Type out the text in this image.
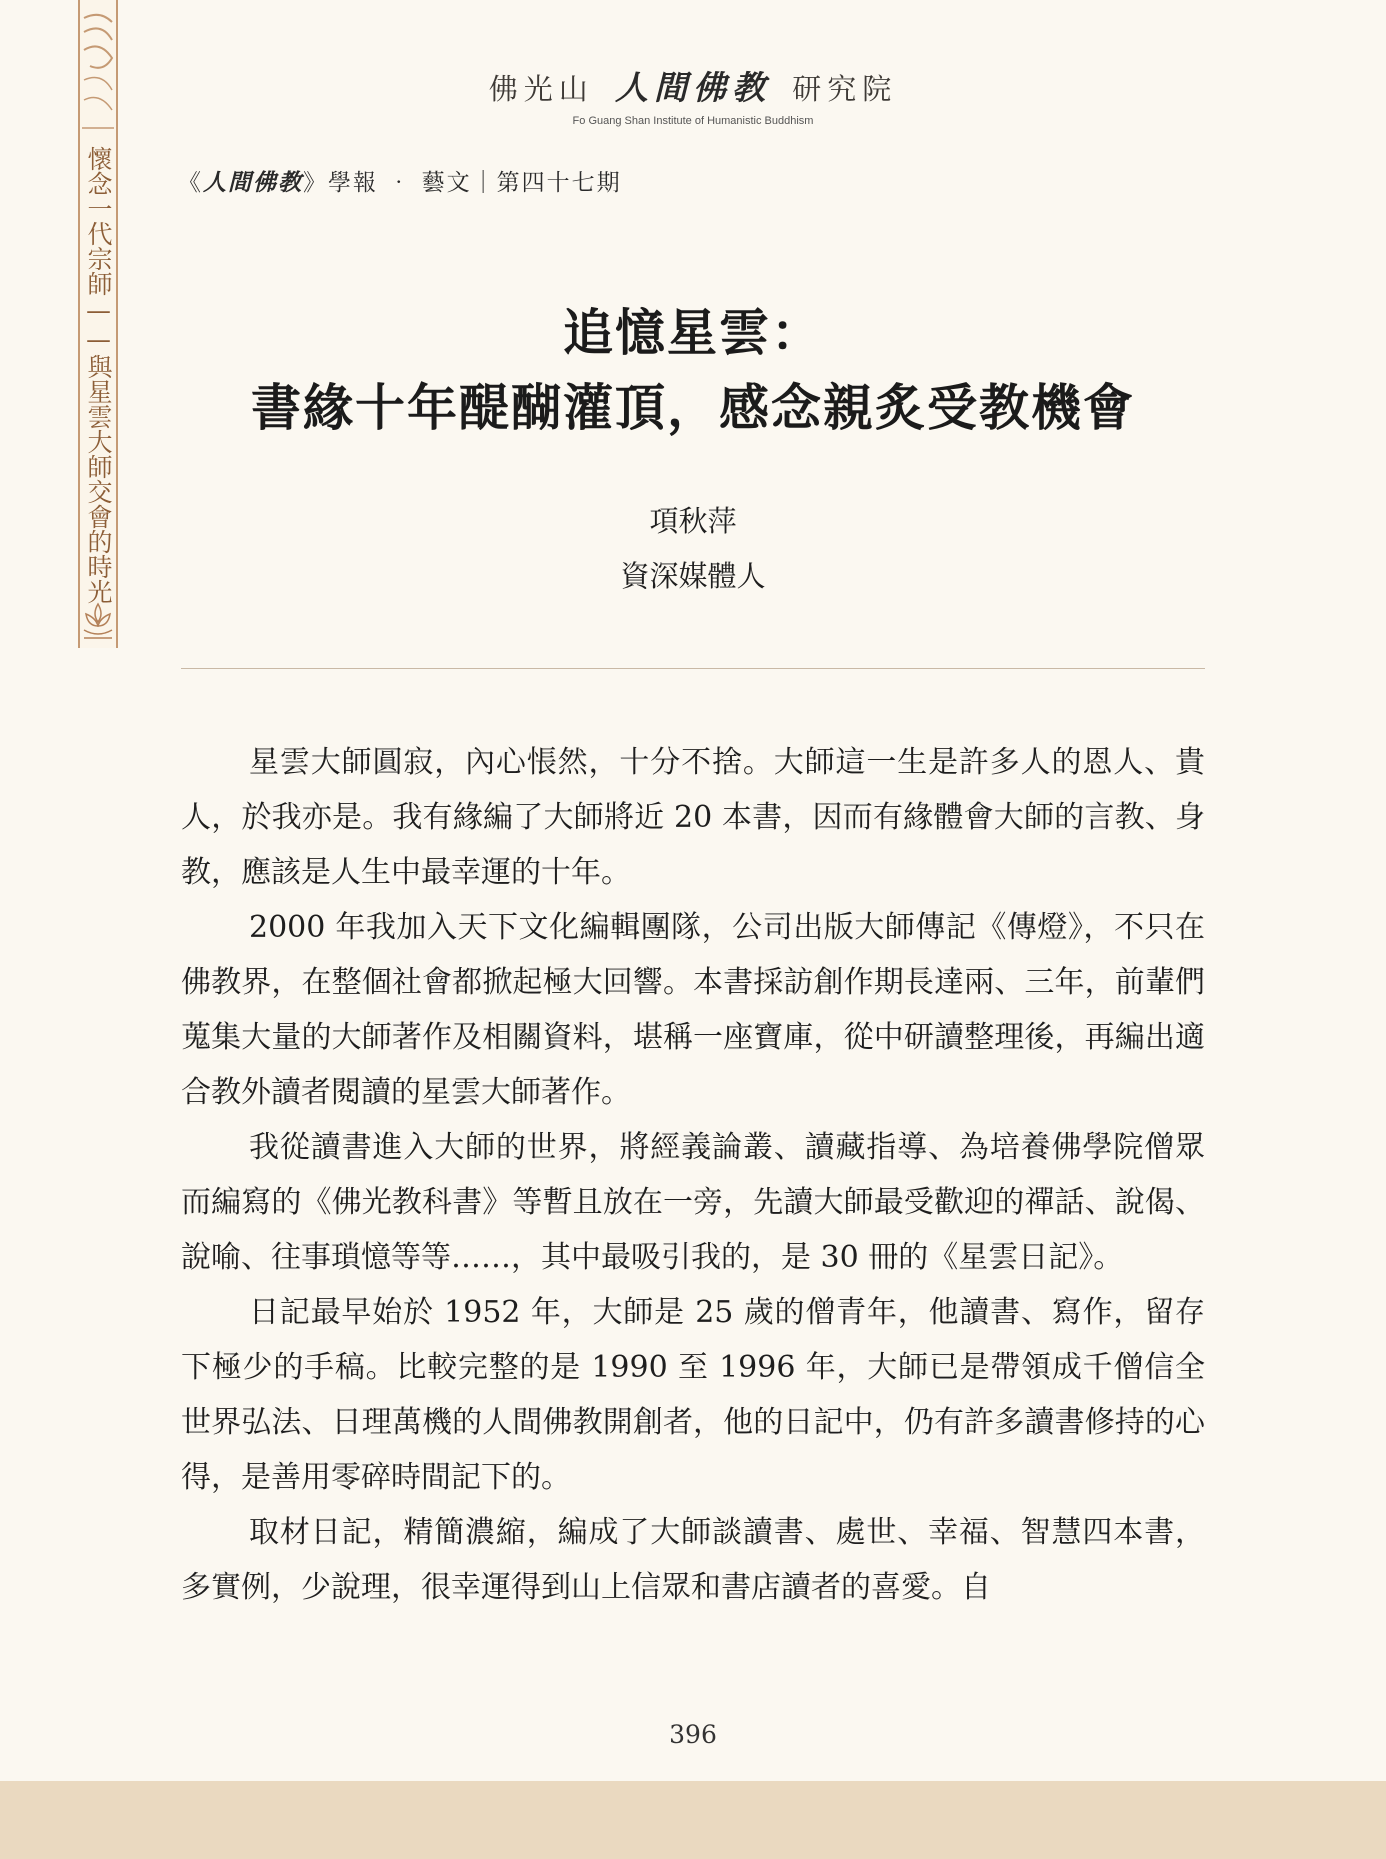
懷念一代宗師——與星雲大師交會的時光
佛光山 人間佛教 研究院
Fo Guang Shan Institute of Humanistic Buddhism
《人間佛教》學報 ‧ 藝文｜第四十七期
追憶星雲：
書緣十年醍醐灌頂，感念親炙受教機會
項秋萍
資深媒體人

星雲大師圓寂，內心悵然，十分不捨。大師這一生是許多人的恩人、貴人，於我亦是。我有緣編了大師將近 20 本書，因而有緣體會大師的言教、身教，應該是人生中最幸運的十年。

2000 年我加入天下文化編輯團隊，公司出版大師傳記《傳燈》，不只在佛教界，在整個社會都掀起極大回響。本書採訪創作期長達兩、三年，前輩們蒐集大量的大師著作及相關資料，堪稱一座寶庫，從中研讀整理後，再編出適合教外讀者閱讀的星雲大師著作。

我從讀書進入大師的世界，將經義論叢、讀藏指導、為培養佛學院僧眾而編寫的《佛光教科書》等暫且放在一旁，先讀大師最受歡迎的禪話、說偈、說喻、往事瑣憶等等……，其中最吸引我的，是 30 冊的《星雲日記》。

日記最早始於 1952 年，大師是 25 歲的僧青年，他讀書、寫作，留存下極少的手稿。比較完整的是 1990 至 1996 年，大師已是帶領成千僧信全世界弘法、日理萬機的人間佛教開創者，他的日記中，仍有許多讀書修持的心得，是善用零碎時間記下的。

取材日記，精簡濃縮，編成了大師談讀書、處世、幸福、智慧四本書，多實例，少說理，很幸運得到山上信眾和書店讀者的喜愛。自

396
